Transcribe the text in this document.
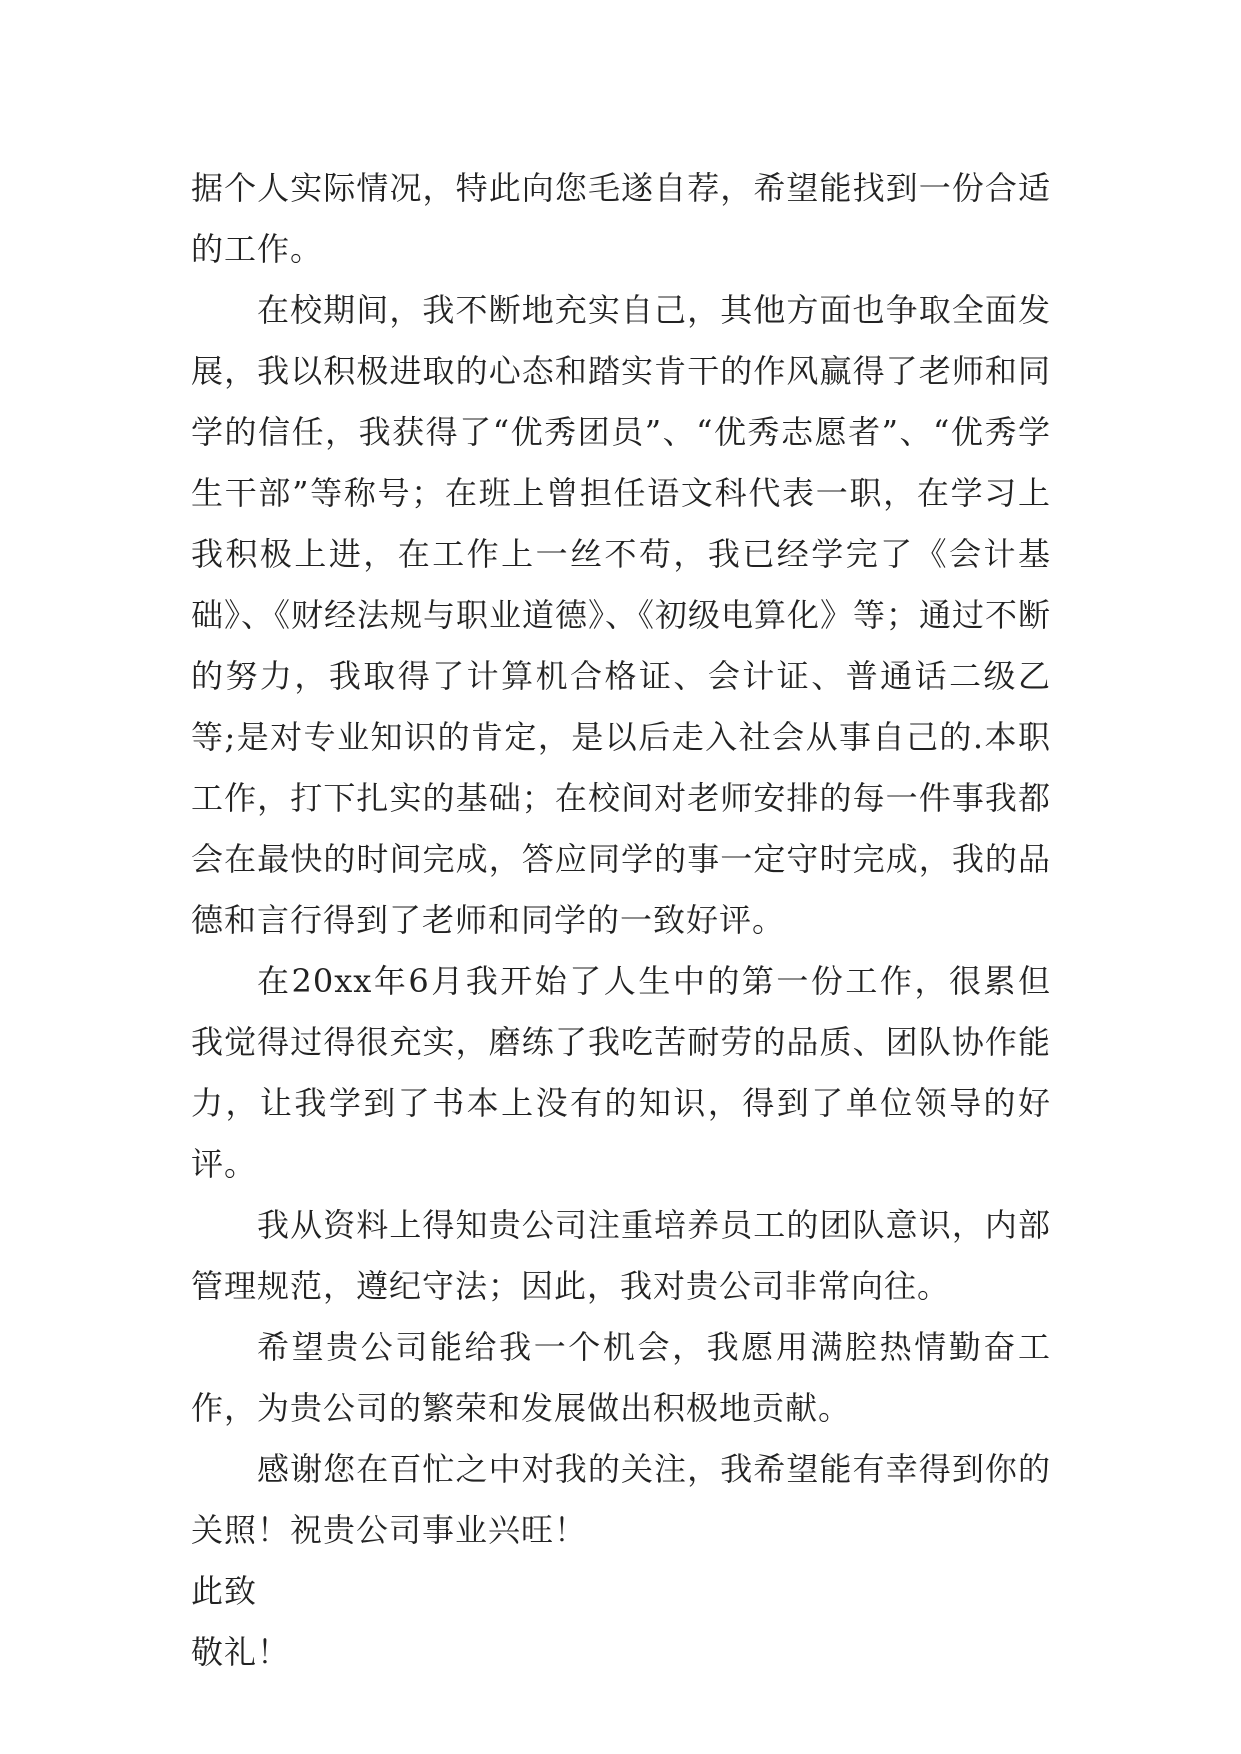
据个人实际情况，特此向您毛遂自荐，希望能找到一份合适的工作。

在校期间，我不断地充实自己，其他方面也争取全面发展，我以积极进取的心态和踏实肯干的作风赢得了老师和同学的信任，我获得了“优秀团员”、“优秀志愿者”、“优秀学生干部”等称号；在班上曾担任语文科代表一职，在学习上我积极上进，在工作上一丝不苟，我已经学完了《会计基础》、《财经法规与职业道德》、《初级电算化》等；通过不断的努力，我取得了计算机合格证、会计证、普通话二级乙等;是对专业知识的肯定，是以后走入社会从事自己的.本职工作，打下扎实的基础；在校间对老师安排的每一件事我都会在最快的时间完成，答应同学的事一定守时完成，我的品德和言行得到了老师和同学的一致好评。

在20xx年6月我开始了人生中的第一份工作，很累但我觉得过得很充实，磨练了我吃苦耐劳的品质、团队协作能力，让我学到了书本上没有的知识，得到了单位领导的好评。

我从资料上得知贵公司注重培养员工的团队意识，内部管理规范，遵纪守法；因此，我对贵公司非常向往。

希望贵公司能给我一个机会，我愿用满腔热情勤奋工作，为贵公司的繁荣和发展做出积极地贡献。

感谢您在百忙之中对我的关注，我希望能有幸得到你的关照！祝贵公司事业兴旺！

此致

敬礼！
